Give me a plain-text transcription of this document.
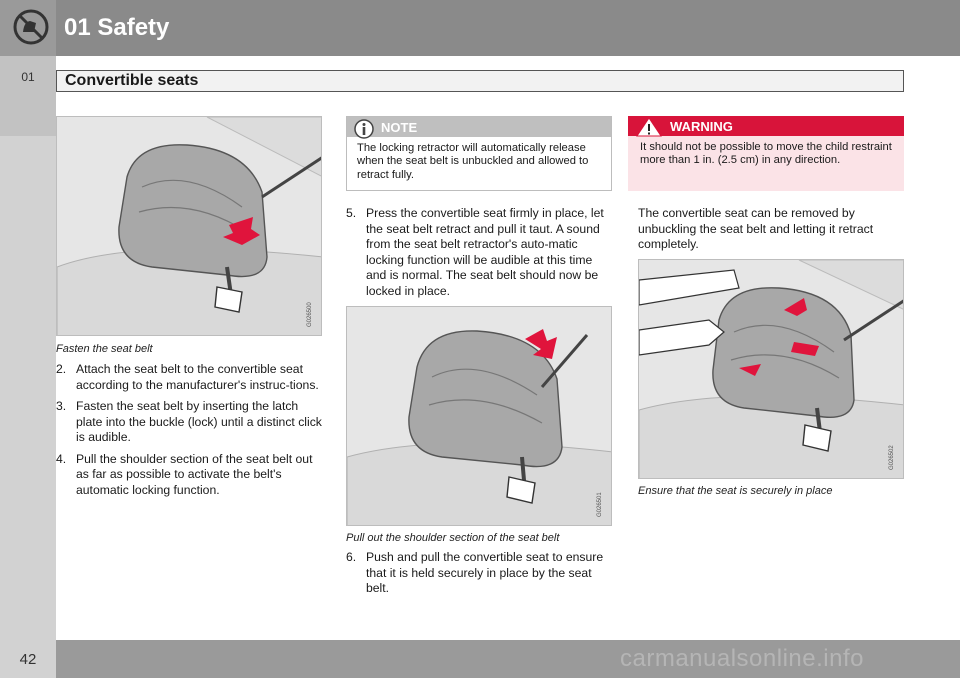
01 Safety
01	Convertible seats
G026500
Fasten the seat belt
2. Attach the seat belt to the convertible seat according to the manufacturer's instruc-tions.
3. Fasten the seat belt by inserting the latch plate into the buckle (lock) until a distinct click is audible.
4. Pull the shoulder section of the seat belt out as far as possible to activate the belt's automatic locking function.
NOTE
The locking retractor will automatically release when the seat belt is unbuckled and allowed to retract fully.
5. Press the convertible seat firmly in place, let the seat belt retract and pull it taut. A sound from the seat belt retractor's auto-matic locking function will be audible at this time and is normal. The seat belt should now be locked in place.
G026501
Pull out the shoulder section of the seat belt
6. Push and pull the convertible seat to ensure that it is held securely in place by the seat belt.
WARNING
It should not be possible to move the child restraint more than 1 in. (2.5 cm) in any direction.
The convertible seat can be removed by unbuckling the seat belt and letting it retract completely.
G026502
Ensure that the seat is securely in place
42	carmanualsonline.info
